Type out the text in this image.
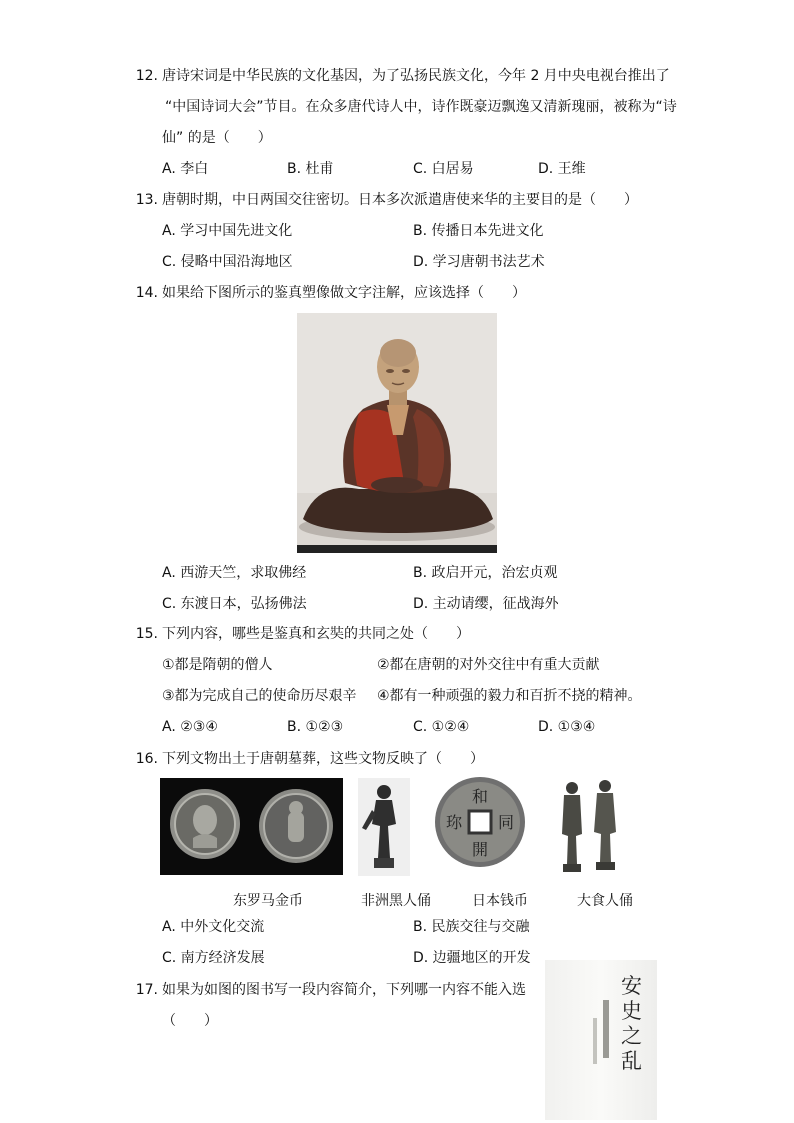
12. 唐诗宋词是中华民族的文化基因，为了弘扬民族文化，今年 2 月中央电视台推出了
“中国诗词大会”节目。在众多唐代诗人中，诗作既豪迈飘逸又清新瑰丽，被称为“诗
仙” 的是（　　）
A. 李白	B. 杜甫	C. 白居易	D. 王维
13. 唐朝时期，中日两国交往密切。日本多次派遣唐使来华的主要目的是（　　）
A. 学习中国先进文化	B. 传播日本先进文化
C. 侵略中国沿海地区	D. 学习唐朝书法艺术
14. 如果给下图所示的鉴真塑像做文字注解，应该选择（　　）
A. 西游天竺，求取佛经	B. 政启开元，治宏贞观
C. 东渡日本，弘扬佛法	D. 主动请缨，征战海外
15. 下列内容，哪些是鉴真和玄奘的共同之处（　　）
①都是隋朝的僧人	②都在唐朝的对外交往中有重大贡献
③都为完成自己的使命历尽艰辛 ④都有一种顽强的毅力和百折不挠的精神。
A. ②③④	B. ①②③	C. ①②④	D. ①③④
16. 下列文物出土于唐朝墓葬，这些文物反映了（　　）
和
同
開
珎
东罗马金币	非洲黑人俑	日本钱币	大食人俑
A. 中外文化交流	B. 民族交往与交融
C. 南方经济发展	D. 边疆地区的开发
17. 如果为如图的图书写一段内容简介，下列哪一内容不能入选
（　　）
安史之乱
